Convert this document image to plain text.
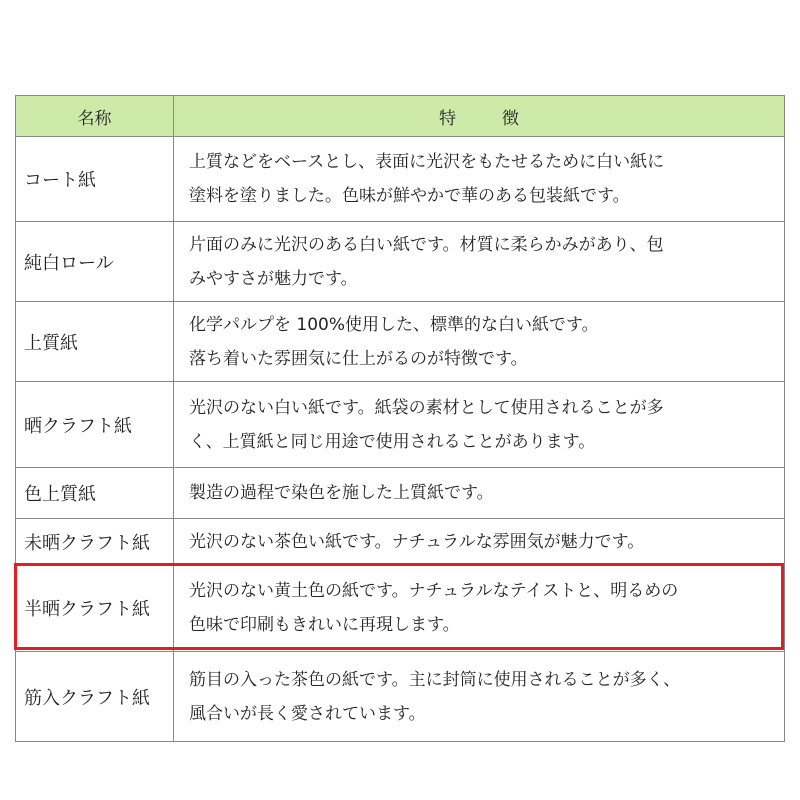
名称	特 徴
コート紙	上質などをベースとし、表面に光沢をもたせるために白い紙に
塗料を塗りました。色味が鮮やかで華のある包装紙です。

純白ロール	片面のみに光沢のある白い紙です。材質に柔らかみがあり、包
みやすさが魅力です。

上質紙	化学パルプを 100%使用した、標準的な白い紙です。
落ち着いた雰囲気に仕上がるのが特徴です。

晒クラフト紙	光沢のない白い紙です。紙袋の素材として使用されることが多
く、上質紙と同じ用途で使用されることがあります。

色上質紙	製造の過程で染色を施した上質紙です。

未晒クラフト紙	光沢のない茶色い紙です。ナチュラルな雰囲気が魅力です。

半晒クラフト紙	光沢のない黄土色の紙です。ナチュラルなテイストと、明るめの
色味で印刷もきれいに再現します。

筋入クラフト紙	筋目の入った茶色の紙です。主に封筒に使用されることが多く、
風合いが長く愛されています。
